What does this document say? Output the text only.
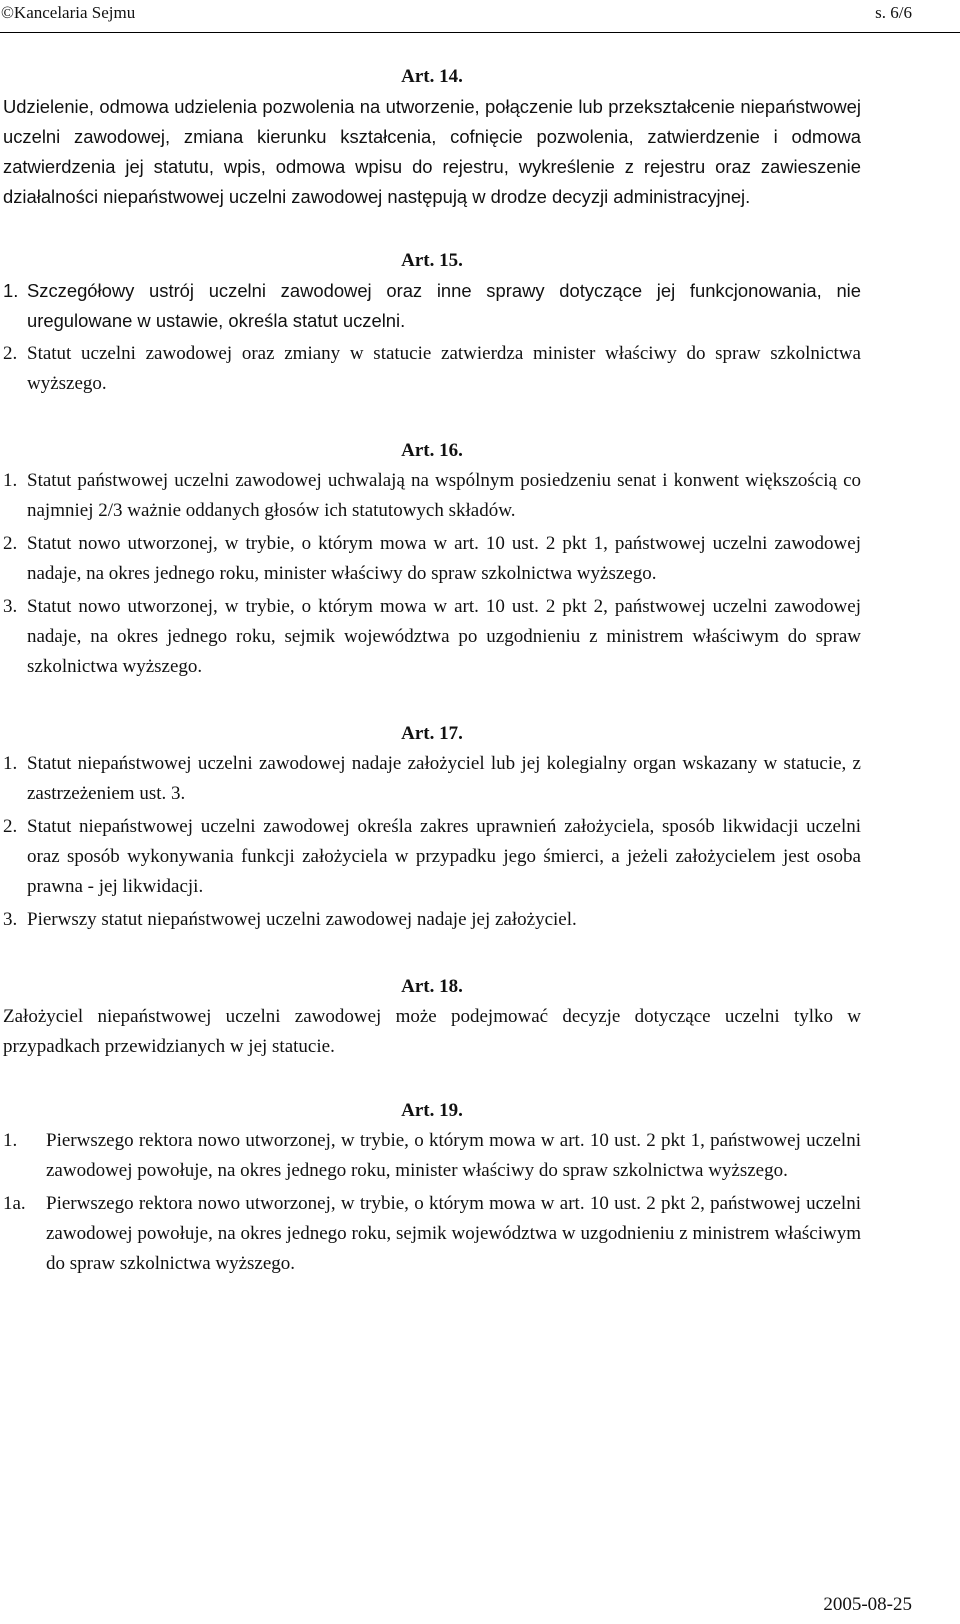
©Kancelaria Sejmu	s. 6/6

Art. 14.

Udzielenie, odmowa udzielenia pozwolenia na utworzenie, połączenie lub przekształcenie niepaństwowej uczelni zawodowej, zmiana kierunku kształcenia, cofnięcie pozwolenia, zatwierdzenie i odmowa zatwierdzenia jej statutu, wpis, odmowa wpisu do rejestru, wykreślenie z rejestru oraz zawieszenie działalności niepaństwowej uczelni zawodowej następują w drodze decyzji administracyjnej.

Art. 15.

1. Szczegółowy ustrój uczelni zawodowej oraz inne sprawy dotyczące jej funkcjonowania, nie uregulowane w ustawie, określa statut uczelni.
2. Statut uczelni zawodowej oraz zmiany w statucie zatwierdza minister właściwy do spraw szkolnictwa wyższego.

Art. 16.

1. Statut państwowej uczelni zawodowej uchwalają na wspólnym posiedzeniu senat i konwent większością co najmniej 2/3 ważnie oddanych głosów ich statutowych składów.
2. Statut nowo utworzonej, w trybie, o którym mowa w art. 10 ust. 2 pkt 1, państwowej uczelni zawodowej nadaje, na okres jednego roku, minister właściwy do spraw szkolnictwa wyższego.
3. Statut nowo utworzonej, w trybie, o którym mowa w art. 10 ust. 2 pkt 2, państwowej uczelni zawodowej nadaje, na okres jednego roku, sejmik województwa po uzgodnieniu z ministrem właściwym do spraw szkolnictwa wyższego.

Art. 17.

1. Statut niepaństwowej uczelni zawodowej nadaje założyciel lub jej kolegialny organ wskazany w statucie, z zastrzeżeniem ust. 3.
2. Statut niepaństwowej uczelni zawodowej określa zakres uprawnień założyciela, sposób likwidacji uczelni oraz sposób wykonywania funkcji założyciela w przypadku jego śmierci, a jeżeli założycielem jest osoba prawna - jej likwidacji.
3. Pierwszy statut niepaństwowej uczelni zawodowej nadaje jej założyciel.

Art. 18.

Założyciel niepaństwowej uczelni zawodowej może podejmować decyzje dotyczące uczelni tylko w przypadkach przewidzianych w jej statucie.

Art. 19.

1.	Pierwszego rektora nowo utworzonej, w trybie, o którym mowa w art. 10 ust. 2 pkt 1, państwowej uczelni zawodowej powołuje, na okres jednego roku, minister właściwy do spraw szkolnictwa wyższego.
1a.	Pierwszego rektora nowo utworzonej, w trybie, o którym mowa w art. 10 ust. 2 pkt 2, państwowej uczelni zawodowej powołuje, na okres jednego roku, sejmik województwa w uzgodnieniu z ministrem właściwym do spraw szkolnictwa wyższego.
2005-08-25
